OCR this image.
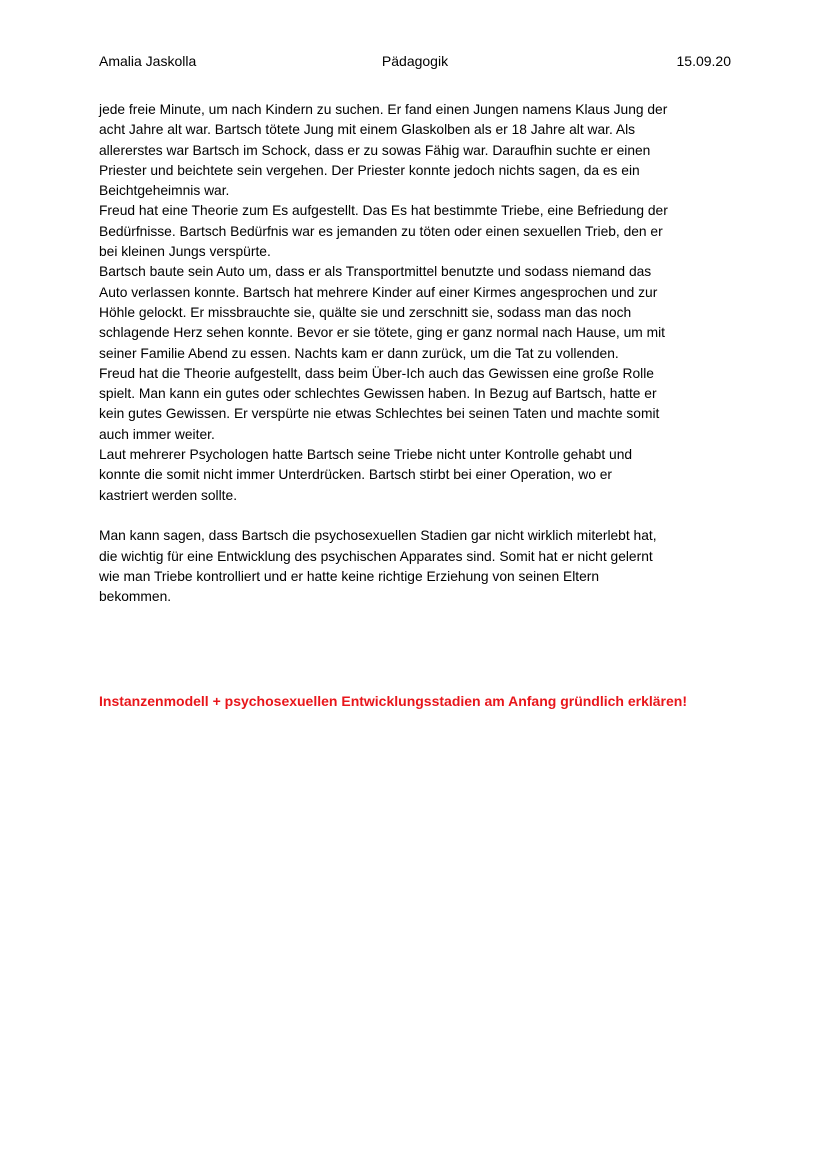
Amalia Jaskolla	Pädagogik	15.09.20

jede freie Minute, um nach Kindern zu suchen. Er fand einen Jungen namens Klaus Jung der
acht Jahre alt war. Bartsch tötete Jung mit einem Glaskolben als er 18 Jahre alt war. Als
allererstes war Bartsch im Schock, dass er zu sowas Fähig war. Daraufhin suchte er einen
Priester und beichtete sein vergehen. Der Priester konnte jedoch nichts sagen, da es ein
Beichtgeheimnis war.

Freud hat eine Theorie zum Es aufgestellt. Das Es hat bestimmte Triebe, eine Befriedung der
Bedürfnisse. Bartsch Bedürfnis war es jemanden zu töten oder einen sexuellen Trieb, den er
bei kleinen Jungs verspürte.

Bartsch baute sein Auto um, dass er als Transportmittel benutzte und sodass niemand das
Auto verlassen konnte. Bartsch hat mehrere Kinder auf einer Kirmes angesprochen und zur
Höhle gelockt. Er missbrauchte sie, quälte sie und zerschnitt sie, sodass man das noch
schlagende Herz sehen konnte. Bevor er sie tötete, ging er ganz normal nach Hause, um mit
seiner Familie Abend zu essen. Nachts kam er dann zurück, um die Tat zu vollenden.

Freud hat die Theorie aufgestellt, dass beim Über-Ich auch das Gewissen eine große Rolle
spielt. Man kann ein gutes oder schlechtes Gewissen haben. In Bezug auf Bartsch, hatte er
kein gutes Gewissen. Er verspürte nie etwas Schlechtes bei seinen Taten und machte somit
auch immer weiter.

Laut mehrerer Psychologen hatte Bartsch seine Triebe nicht unter Kontrolle gehabt und
konnte die somit nicht immer Unterdrücken. Bartsch stirbt bei einer Operation, wo er
kastriert werden sollte.

Man kann sagen, dass Bartsch die psychosexuellen Stadien gar nicht wirklich miterlebt hat,
die wichtig für eine Entwicklung des psychischen Apparates sind. Somit hat er nicht gelernt
wie man Triebe kontrolliert und er hatte keine richtige Erziehung von seinen Eltern
bekommen.

Instanzenmodell + psychosexuellen Entwicklungsstadien am Anfang gründlich erklären!
